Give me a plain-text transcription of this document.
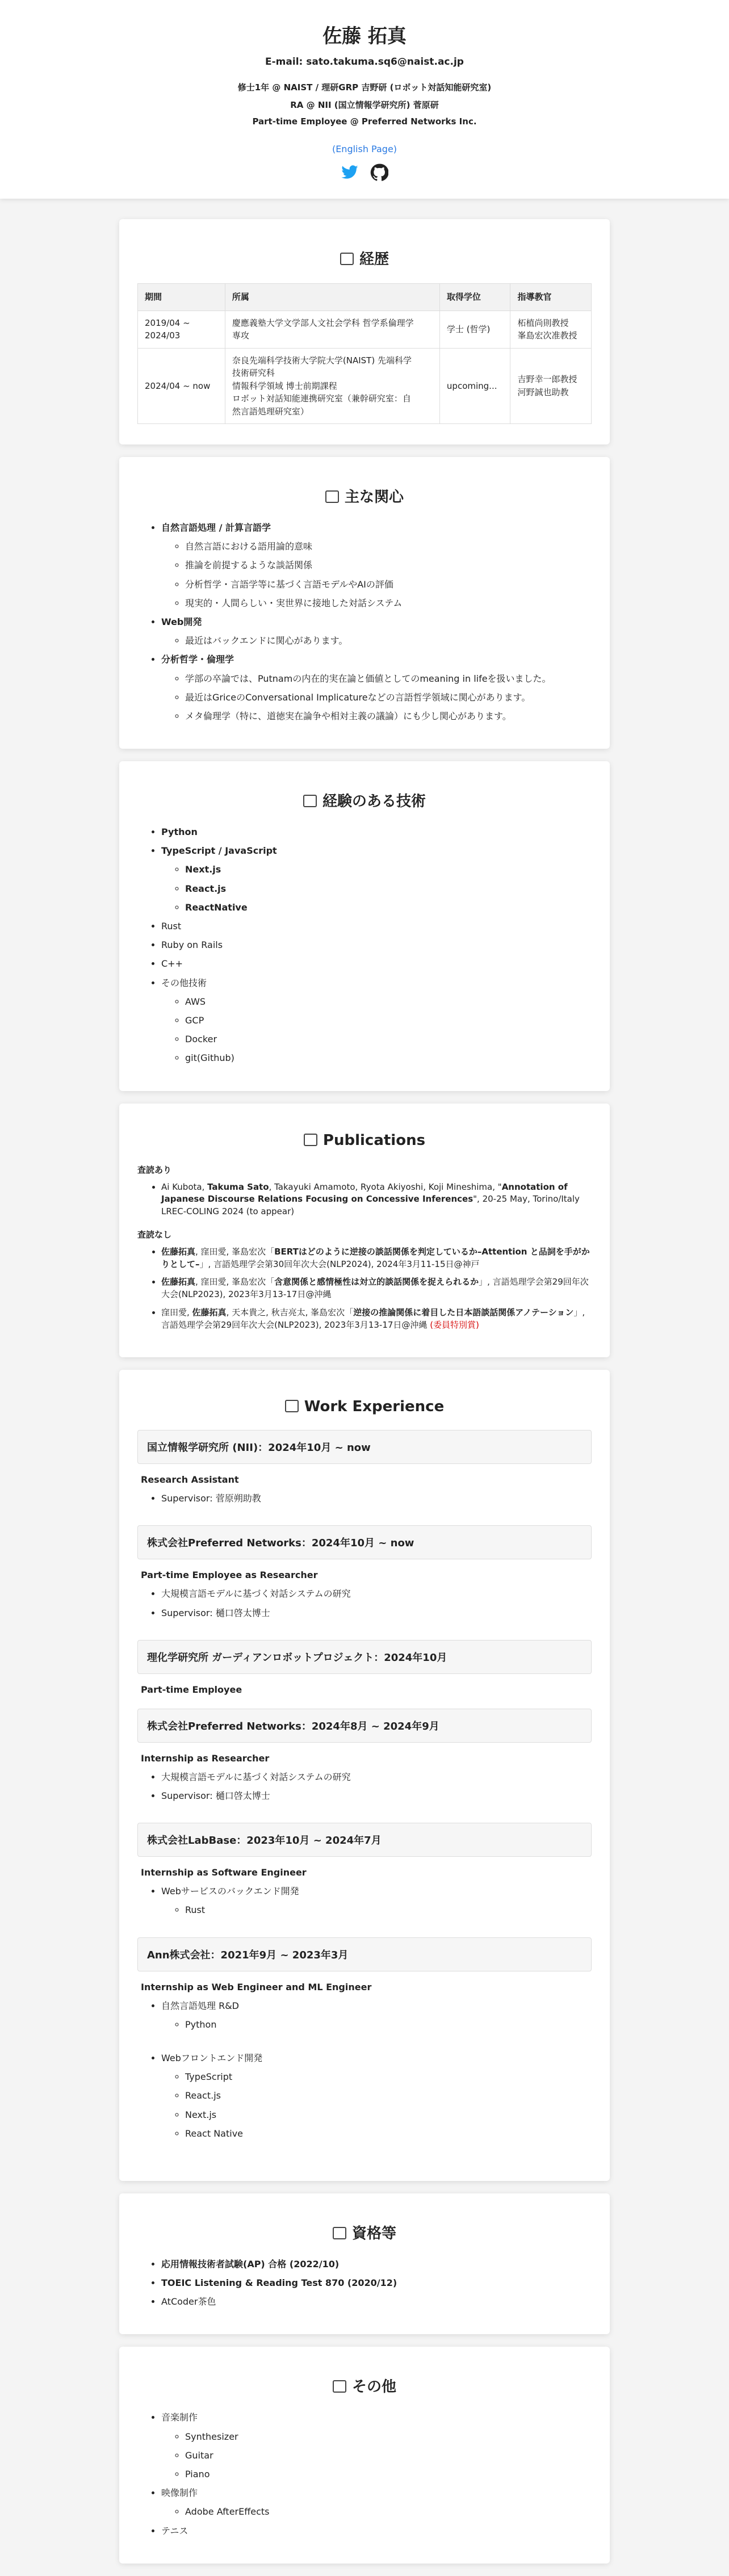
佐藤 拓真
E-mail: sato.takuma.sq6@naist.ac.jp
修士1年 @ NAIST / 理研GRP 吉野研 (ロボット対話知能研究室)
RA @ NII (国立情報学研究所) 菅原研
Part-time Employee @ Preferred Networks Inc.
(English Page)
経歴
期間	所属	取得学位	指導教官

2019/04 ~
2024/03	慶應義塾大学文学部人文社会学科 哲学系倫理学
専攻	学士 (哲学)	柘植尚則教授
峯島宏次准教授

2024/04 ~ now	奈良先端科学技術大学院大学(NAIST) 先端科学
技術研究科
情報科学領域 博士前期課程
ロボット対話知能連携研究室（兼幹研究室：自
然言語処理研究室）	upcoming...	吉野幸一郎教授
河野誠也助教
主な関心
• 自然言語処理 / 計算言語学
◦ 自然言語における語用論的意味
◦ 推論を前提するような談話関係
◦ 分析哲学・言語学等に基づく言語モデルやAIの評価
◦ 現実的・人間らしい・実世界に接地した対話システム
• Web開発
◦ 最近はバックエンドに関心があります。
• 分析哲学・倫理学
◦ 学部の卒論では、Putnamの内在的実在論と価値としてのmeaning in lifeを扱いました。
◦ 最近はGriceのConversational Implicatureなどの言語哲学領域に関心があります。
◦ メタ倫理学（特に、道徳実在論争や相対主義の議論）にも少し関心があります。
経験のある技術
• Python
• TypeScript / JavaScript
◦ Next.js
◦ React.js
◦ ReactNative
• Rust
• Ruby on Rails
• C++
• その他技術
◦ AWS
◦ GCP
◦ Docker
◦ git(Github)
Publications
査読あり
• Ai Kubota, Takuma Sato, Takayuki Amamoto, Ryota Akiyoshi, Koji Mineshima, "Annotation of Japanese Discourse Relations Focusing on Concessive Inferences", 20-25 May, Torino/Italy LREC-COLING 2024 (to appear)
査読なし
• 佐藤拓真, 窪田愛, 峯島宏次「BERTはどのように逆接の談話関係を判定しているか–Attention と品詞を手がかりとして–」, 言語処理学会第30回年次大会(NLP2024), 2024年3月11-15日@神戸
• 佐藤拓真, 窪田愛, 峯島宏次「含意関係と感情極性は対立的談話関係を捉えられるか」, 言語処理学会第29回年次大会(NLP2023), 2023年3月13-17日@沖縄
• 窪田愛, 佐藤拓真, 天本貴之, 秋吉亮太, 峯島宏次「逆接の推論関係に着目した日本語談話関係アノテーション」, 言語処理学会第29回年次大会(NLP2023), 2023年3月13-17日@沖縄 (委員特別賞)
Work Experience
国立情報学研究所 (NII)：2024年10月 ~ now
Research Assistant
• Supervisor: 菅原朔助教
株式会社Preferred Networks：2024年10月 ~ now
Part-time Employee as Researcher
• 大規模言語モデルに基づく対話システムの研究
• Supervisor: 樋口啓太博士
理化学研究所 ガーディアンロボットプロジェクト：2024年10月
Part-time Employee
株式会社Preferred Networks：2024年8月 ~ 2024年9月
Internship as Researcher
• 大規模言語モデルに基づく対話システムの研究
• Supervisor: 樋口啓太博士
株式会社LabBase：2023年10月 ~ 2024年7月
Internship as Software Engineer
• Webサービスのバックエンド開発
◦ Rust
Ann株式会社：2021年9月 ~ 2023年3月
Internship as Web Engineer and ML Engineer
• 自然言語処理 R&D
◦ Python
• Webフロントエンド開発
◦ TypeScript
◦ React.js
◦ Next.js
◦ React Native
資格等
• 応用情報技術者試験(AP) 合格 (2022/10)
• TOEIC Listening & Reading Test 870 (2020/12)
• AtCoder茶色
その他
• 音楽制作
◦ Synthesizer
◦ Guitar
◦ Piano
• 映像制作
◦ Adobe AfterEffects
• テニス
